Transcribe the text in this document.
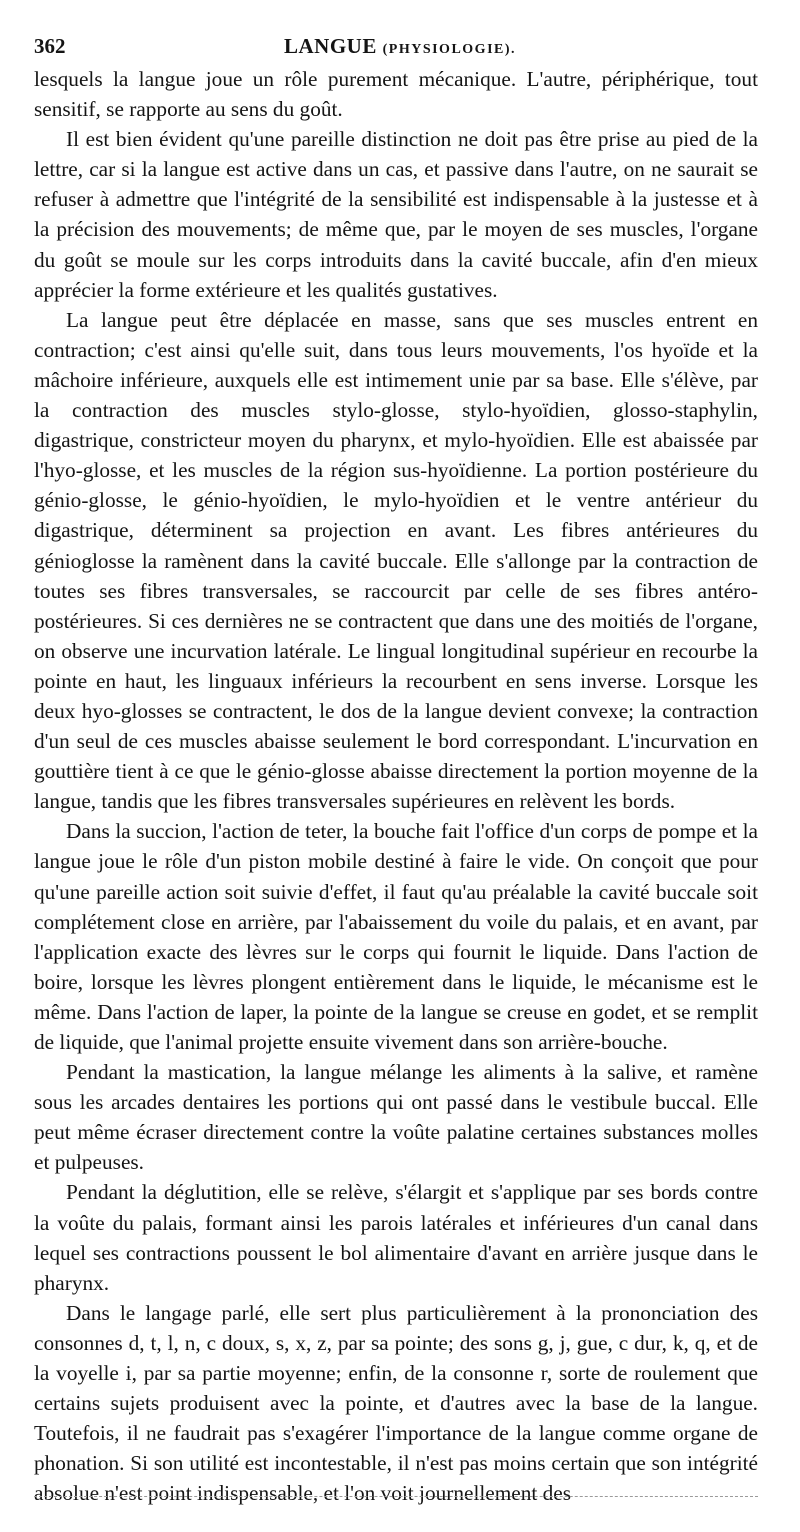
362	LANGUE (PHYSIOLOGIE).

lesquels la langue joue un rôle purement mécanique. L'autre, périphérique, tout sensitif, se rapporte au sens du goût.

Il est bien évident qu'une pareille distinction ne doit pas être prise au pied de la lettre, car si la langue est active dans un cas, et passive dans l'autre, on ne saurait se refuser à admettre que l'intégrité de la sensibilité est indispensable à la justesse et à la précision des mouvements; de même que, par le moyen de ses muscles, l'organe du goût se moule sur les corps introduits dans la cavité buccale, afin d'en mieux apprécier la forme extérieure et les qualités gustatives.

La langue peut être déplacée en masse, sans que ses muscles entrent en contraction; c'est ainsi qu'elle suit, dans tous leurs mouvements, l'os hyoïde et la mâchoire inférieure, auxquels elle est intimement unie par sa base. Elle s'élève, par la contraction des muscles stylo-glosse, stylo-hyoïdien, glosso-staphylin, digastrique, constricteur moyen du pharynx, et mylo-hyoïdien. Elle est abaissée par l'hyo-glosse, et les muscles de la région sus-hyoïdienne. La portion postérieure du génio-glosse, le génio-hyoïdien, le mylo-hyoïdien et le ventre antérieur du digastrique, déterminent sa projection en avant. Les fibres antérieures du génioglosse la ramènent dans la cavité buccale. Elle s'allonge par la contraction de toutes ses fibres transversales, se raccourcit par celle de ses fibres antéro-postérieures. Si ces dernières ne se contractent que dans une des moitiés de l'organe, on observe une incurvation latérale. Le lingual longitudinal supérieur en recourbe la pointe en haut, les linguaux inférieurs la recourbent en sens inverse. Lorsque les deux hyo-glosses se contractent, le dos de la langue devient convexe; la contraction d'un seul de ces muscles abaisse seulement le bord correspondant. L'incurvation en gouttière tient à ce que le génio-glosse abaisse directement la portion moyenne de la langue, tandis que les fibres transversales supérieures en relèvent les bords.

Dans la succion, l'action de teter, la bouche fait l'office d'un corps de pompe et la langue joue le rôle d'un piston mobile destiné à faire le vide. On conçoit que pour qu'une pareille action soit suivie d'effet, il faut qu'au préalable la cavité buccale soit complétement close en arrière, par l'abaissement du voile du palais, et en avant, par l'application exacte des lèvres sur le corps qui fournit le liquide. Dans l'action de boire, lorsque les lèvres plongent entièrement dans le liquide, le mécanisme est le même. Dans l'action de laper, la pointe de la langue se creuse en godet, et se remplit de liquide, que l'animal projette ensuite vivement dans son arrière-bouche.

Pendant la mastication, la langue mélange les aliments à la salive, et ramène sous les arcades dentaires les portions qui ont passé dans le vestibule buccal. Elle peut même écraser directement contre la voûte palatine certaines substances molles et pulpeuses.

Pendant la déglutition, elle se relève, s'élargit et s'applique par ses bords contre la voûte du palais, formant ainsi les parois latérales et inférieures d'un canal dans lequel ses contractions poussent le bol alimentaire d'avant en arrière jusque dans le pharynx.

Dans le langage parlé, elle sert plus particulièrement à la prononciation des consonnes d, t, l, n, c doux, s, x, z, par sa pointe; des sons g, j, gue, c dur, k, q, et de la voyelle i, par sa partie moyenne; enfin, de la consonne r, sorte de roulement que certains sujets produisent avec la pointe, et d'autres avec la base de la langue. Toutefois, il ne faudrait pas s'exagérer l'importance de la langue comme organe de phonation. Si son utilité est incontestable, il n'est pas moins certain que son intégrité absolue n'est point indispensable, et l'on voit journellement des
